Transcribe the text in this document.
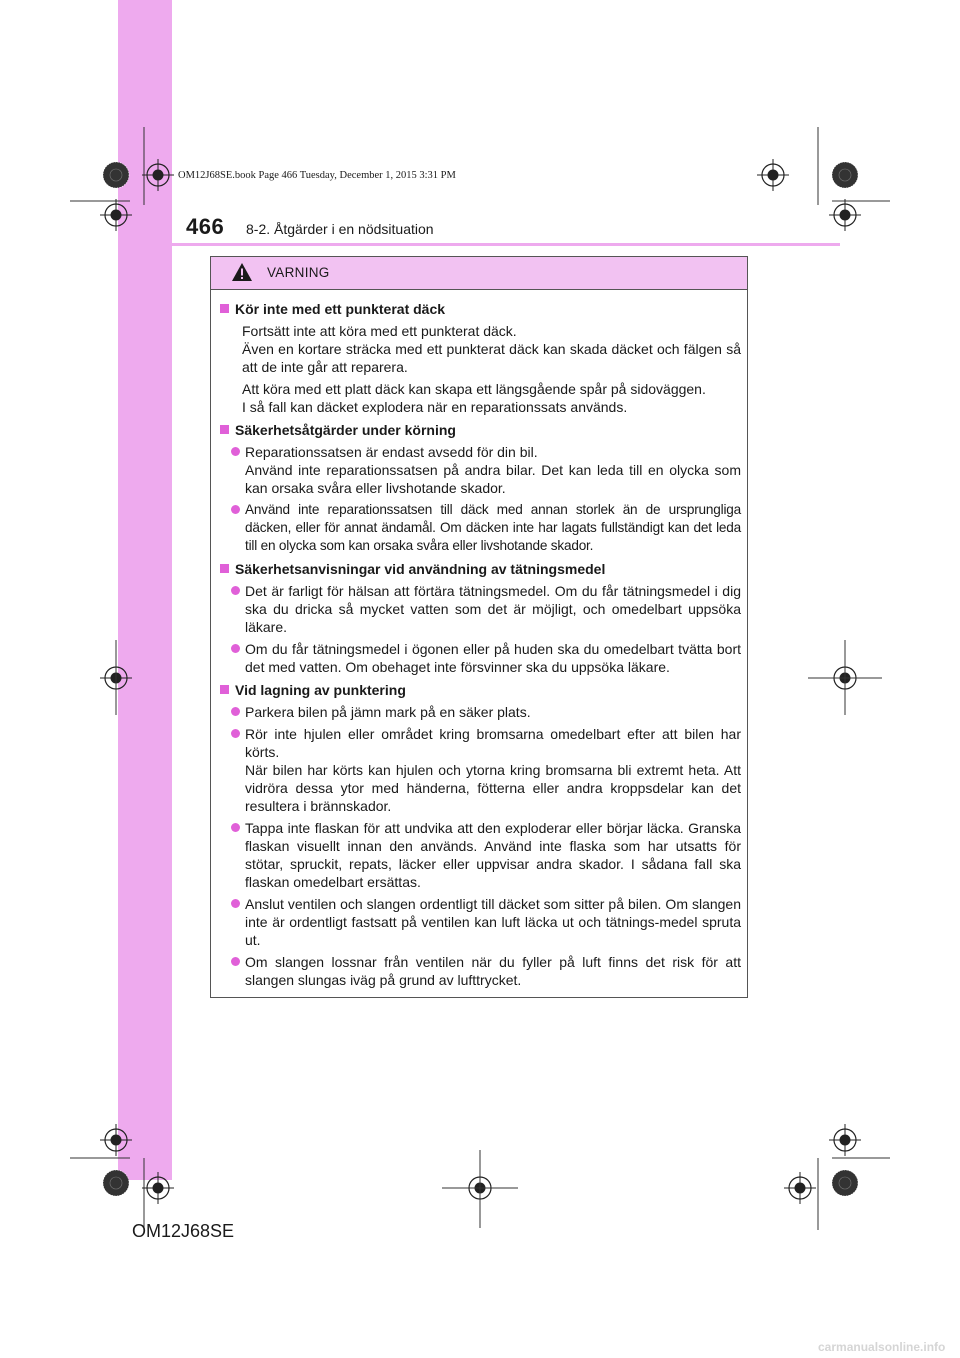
OM12J68SE.book Page 466 Tuesday, December 1, 2015 3:31 PM
466 8-2. Åtgärder i en nödsituation
VARNING
Kör inte med ett punkterat däck
Fortsätt inte att köra med ett punkterat däck.
Även en kortare sträcka med ett punkterat däck kan skada däcket och fälgen så att de inte går att reparera.
Att köra med ett platt däck kan skapa ett längsgående spår på sidoväggen.
I så fall kan däcket explodera när en reparationssats används.
Säkerhetsåtgärder under körning
Reparationssatsen är endast avsedd för din bil.
Använd inte reparationssatsen på andra bilar. Det kan leda till en olycka som kan orsaka svåra eller livshotande skador.
Använd inte reparationssatsen till däck med annan storlek än de ursprungliga däcken, eller för annat ändamål. Om däcken inte har lagats fullständigt kan det leda till en olycka som kan orsaka svåra eller livshotande skador.
Säkerhetsanvisningar vid användning av tätningsmedel
Det är farligt för hälsan att förtära tätningsmedel. Om du får tätningsmedel i dig ska du dricka så mycket vatten som det är möjligt, och omedelbart uppsöka läkare.
Om du får tätningsmedel i ögonen eller på huden ska du omedelbart tvätta bort det med vatten. Om obehaget inte försvinner ska du uppsöka läkare.
Vid lagning av punktering
Parkera bilen på jämn mark på en säker plats.
Rör inte hjulen eller området kring bromsarna omedelbart efter att bilen har körts.
När bilen har körts kan hjulen och ytorna kring bromsarna bli extremt heta. Att vidröra dessa ytor med händerna, fötterna eller andra kroppsdelar kan det resultera i brännskador.
Tappa inte flaskan för att undvika att den exploderar eller börjar läcka. Granska flaskan visuellt innan den används. Använd inte flaska som har utsatts för stötar, spruckit, repats, läcker eller uppvisar andra skador. I sådana fall ska flaskan omedelbart ersättas.
Anslut ventilen och slangen ordentligt till däcket som sitter på bilen. Om slangen inte är ordentligt fastsatt på ventilen kan luft läcka ut och tätnings-medel spruta ut.
Om slangen lossnar från ventilen när du fyller på luft finns det risk för att slangen slungas iväg på grund av lufttrycket.
OM12J68SE
carmanualsonline.info
